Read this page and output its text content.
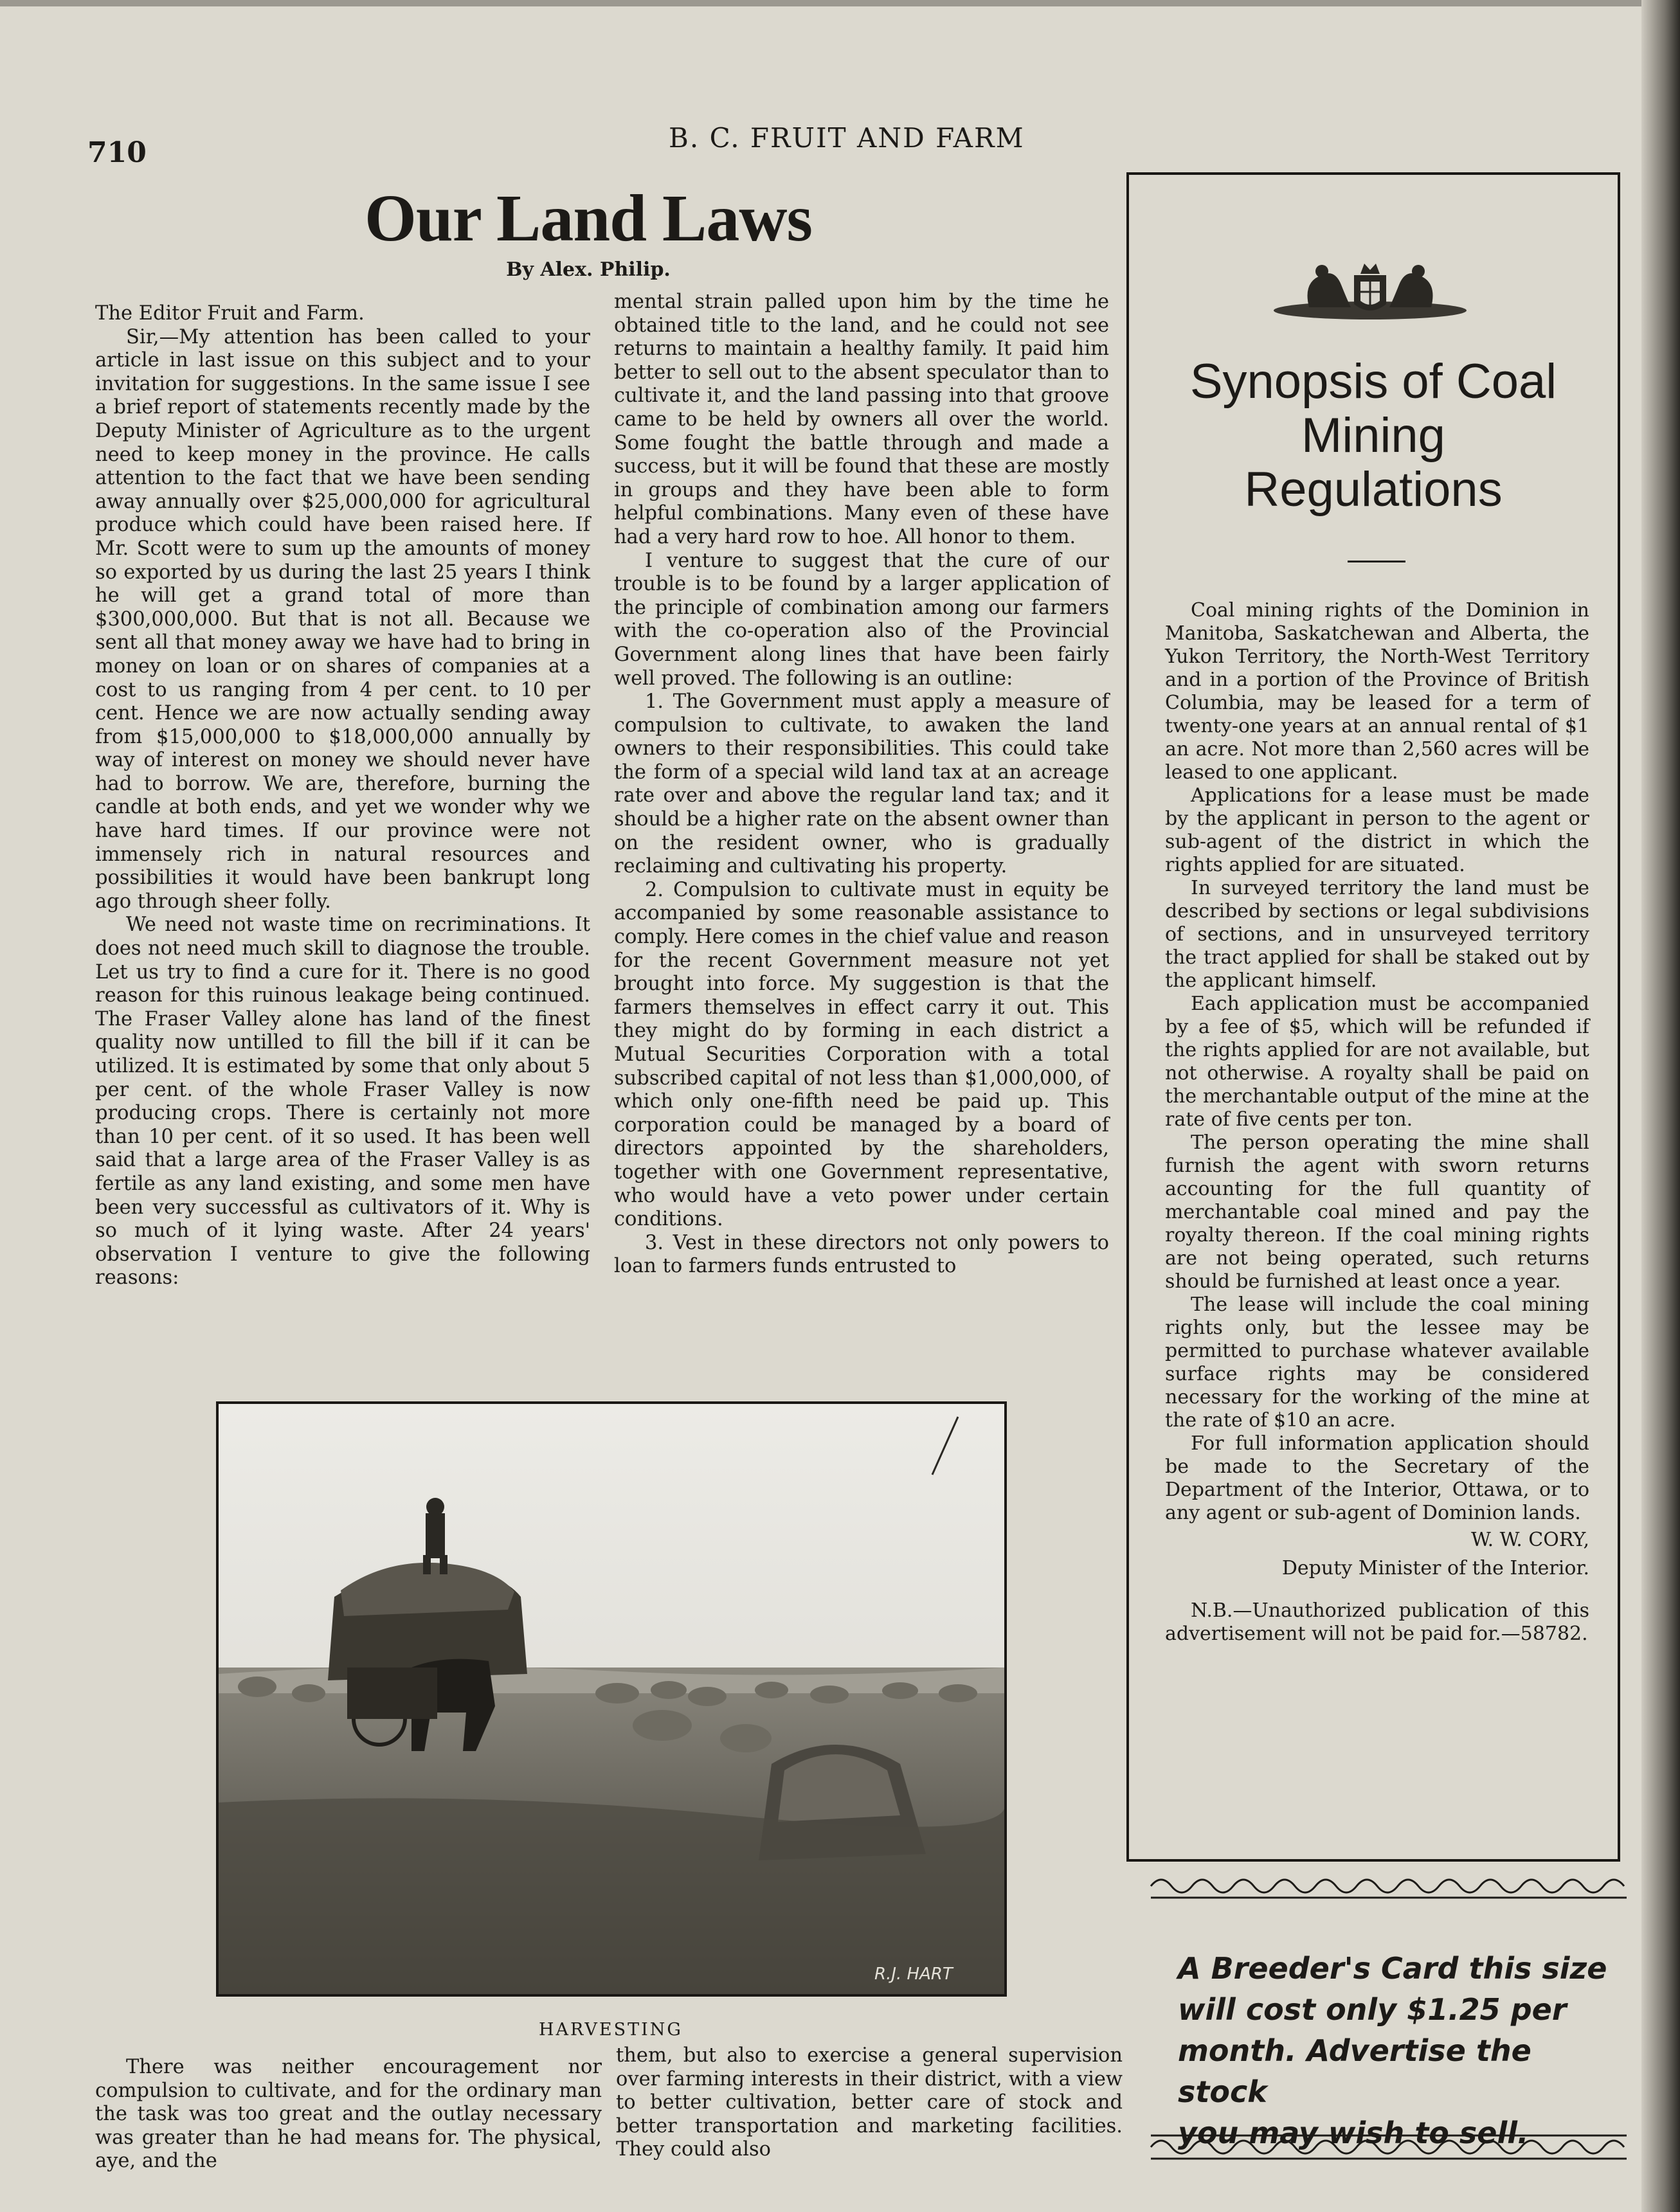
710	B. C. FRUIT AND FARM
Our Land Laws
By Alex. Philip.

The Editor Fruit and Farm.

Sir,—My attention has been called to your article in last issue on this subject and to your invitation for suggestions. In the same issue I see a brief report of statements recently made by the Deputy Minister of Agriculture as to the urgent need to keep money in the province. He calls attention to the fact that we have been sending away annually over $25,000,000 for agricultural produce which could have been raised here. If Mr. Scott were to sum up the amounts of money so exported by us during the last 25 years I think he will get a grand total of more than $300,000,000. But that is not all. Because we sent all that money away we have had to bring in money on loan or on shares of companies at a cost to us ranging from 4 per cent. to 10 per cent. Hence we are now actually sending away from $15,000,000 to $18,000,000 annually by way of interest on money we should never have had to borrow. We are, therefore, burning the candle at both ends, and yet we wonder why we have hard times. If our province were not immensely rich in natural resources and possibilities it would have been bankrupt long ago through sheer folly.

We need not waste time on recriminations. It does not need much skill to diagnose the trouble. Let us try to find a cure for it. There is no good reason for this ruinous leakage being continued. The Fraser Valley alone has land of the finest quality now untilled to fill the bill if it can be utilized. It is estimated by some that only about 5 per cent. of the whole Fraser Valley is now producing crops. There is certainly not more than 10 per cent. of it so used. It has been well said that a large area of the Fraser Valley is as fertile as any land existing, and some men have been very successful as cultivators of it. Why is so much of it lying waste. After 24 years' observation I venture to give the following reasons:

mental strain palled upon him by the time he obtained title to the land, and he could not see returns to maintain a healthy family. It paid him better to sell out to the absent speculator than to cultivate it, and the land passing into that groove came to be held by owners all over the world. Some fought the battle through and made a success, but it will be found that these are mostly in groups and they have been able to form helpful combinations. Many even of these have had a very hard row to hoe. All honor to them.

I venture to suggest that the cure of our trouble is to be found by a larger application of the principle of combination among our farmers with the co-operation also of the Provincial Government along lines that have been fairly well proved. The following is an outline:

1. The Government must apply a measure of compulsion to cultivate, to awaken the land owners to their responsibilities. This could take the form of a special wild land tax at an acreage rate over and above the regular land tax; and it should be a higher rate on the absent owner than on the resident owner, who is gradually reclaiming and cultivating his property.

2. Compulsion to cultivate must in equity be accompanied by some reasonable assistance to comply. Here comes in the chief value and reason for the recent Government measure not yet brought into force. My suggestion is that the farmers themselves in effect carry it out. This they might do by forming in each district a Mutual Securities Corporation with a total subscribed capital of not less than $1,000,000, of which only one-fifth need be paid up. This corporation could be managed by a board of directors appointed by the shareholders, together with one Government representative, who would have a veto power under certain conditions.

3. Vest in these directors not only powers to loan to farmers funds entrusted to

R.J. HART
HARVESTING

There was neither encouragement nor compulsion to cultivate, and for the ordinary man the task was too great and the outlay necessary was greater than he had means for. The physical, aye, and the

them, but also to exercise a general supervision over farming interests in their district, with a view to better cultivation, better care of stock and better transportation and marketing facilities. They could also

Synopsis of Coal
Mining
Regulations

Coal mining rights of the Dominion in Manitoba, Saskatchewan and Alberta, the Yukon Territory, the North-West Territory and in a portion of the Province of British Columbia, may be leased for a term of twenty-one years at an annual rental of $1 an acre. Not more than 2,560 acres will be leased to one applicant.

Applications for a lease must be made by the applicant in person to the agent or sub-agent of the district in which the rights applied for are situated.

In surveyed territory the land must be described by sections or legal subdivisions of sections, and in unsurveyed territory the tract applied for shall be staked out by the applicant himself.

Each application must be accompanied by a fee of $5, which will be refunded if the rights applied for are not available, but not otherwise. A royalty shall be paid on the merchantable output of the mine at the rate of five cents per ton.

The person operating the mine shall furnish the agent with sworn returns accounting for the full quantity of merchantable coal mined and pay the royalty thereon. If the coal mining rights are not being operated, such returns should be furnished at least once a year.

The lease will include the coal mining rights only, but the lessee may be permitted to purchase whatever available surface rights may be considered necessary for the working of the mine at the rate of $10 an acre.

For full information application should be made to the Secretary of the Department of the Interior, Ottawa, or to any agent or sub-agent of Dominion lands.

W. W. CORY,

Deputy Minister of the Interior.

N.B.—Unauthorized publication of this advertisement will not be paid for.—58782.

A Breeder's Card this size
will cost only $1.25 per
month. Advertise the stock
you may wish to sell.
